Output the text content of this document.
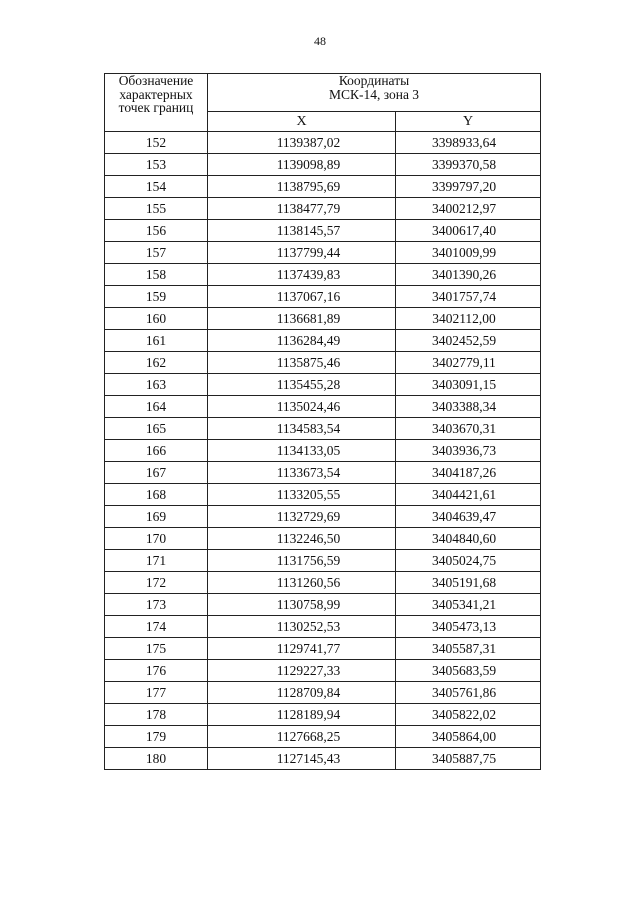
48
Обозначение
характерных
точек границ	Координаты
МСК-14, зона 3	
	X	Y
152	1139387,02	3398933,64
153	1139098,89	3399370,58
154	1138795,69	3399797,20
155	1138477,79	3400212,97
156	1138145,57	3400617,40
157	1137799,44	3401009,99
158	1137439,83	3401390,26
159	1137067,16	3401757,74
160	1136681,89	3402112,00
161	1136284,49	3402452,59
162	1135875,46	3402779,11
163	1135455,28	3403091,15
164	1135024,46	3403388,34
165	1134583,54	3403670,31
166	1134133,05	3403936,73
167	1133673,54	3404187,26
168	1133205,55	3404421,61
169	1132729,69	3404639,47
170	1132246,50	3404840,60
171	1131756,59	3405024,75
172	1131260,56	3405191,68
173	1130758,99	3405341,21
174	1130252,53	3405473,13
175	1129741,77	3405587,31
176	1129227,33	3405683,59
177	1128709,84	3405761,86
178	1128189,94	3405822,02
179	1127668,25	3405864,00
180	1127145,43	3405887,75
